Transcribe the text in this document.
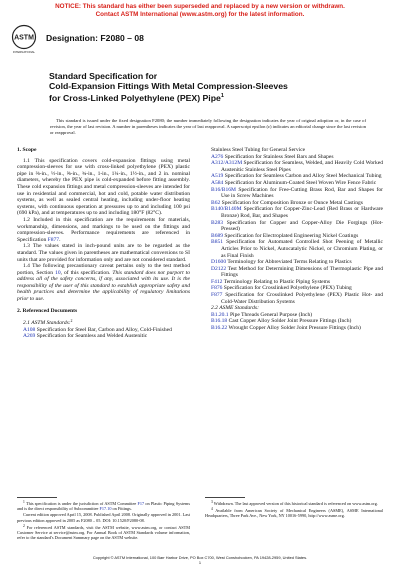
NOTICE: This standard has either been superseded and replaced by a new version or withdrawn.
Contact ASTM International (www.astm.org) for the latest information.
ASTM
INTERNATIONAL
Designation: F2080 – 08
Standard Specification for
Cold-Expansion Fittings With Metal Compression-Sleeves
for Cross-Linked Polyethylene (PEX) Pipe$^1$
This standard is issued under the fixed designation F2080; the number immediately following the designation indicates the year of original adoption or, in the case of revision, the year of last revision. A number in parentheses indicates the year of last reapproval. A superscript epsilon (ε) indicates an editorial change since the last revision or reapproval.
1. Scope

1.1 This specification covers cold-expansion fittings using metal compression-sleeves for use with cross-linked polyethylene (PEX) plastic pipe in ⅜-in., ½-in., ⅝-in., ¾-in., 1-in., 1¼-in., 1½-in., and 2 in. nominal diameters, whereby the PEX pipe is cold-expanded before fitting assembly. These cold expansion fittings and metal compression-sleeves are intended for use in residential and commercial, hot and cold, potable water distribution systems, as well as sealed central heating, including under-floor heating systems, with continuous operation at pressures up to and including 100 psi (690 kPa), and at temperatures up to and including 180°F (82°C).

1.2 Included in this specification are the requirements for materials, workmanship, dimensions, and markings to be used on the fittings and compression-sleeves. Performance requirements are referenced in Specification F877.

1.3 The values stated in inch-pound units are to be regarded as the standard. The values given in parentheses are mathematical conversions to SI units that are provided for information only and are not considered standard.

1.4 The following precautionary caveat pertains only to the test method portion, Section 10, of this specification. This standard does not purport to address all of the safety concerns, if any, associated with its use. It is the responsibility of the user of this standard to establish appropriate safety and health practices and determine the applicability of regulatory limitations prior to use.

2. Referenced Documents

2.1 ASTM Standards:$^2$

A108 Specification for Steel Bar, Carbon and Alloy, Cold-Finished

A269 Specification for Seamless and Welded Austenitic

Stainless Steel Tubing for General Service

A276 Specification for Stainless Steel Bars and Shapes

A312/A312M Specification for Seamless, Welded, and Heavily Cold Worked Austenitic Stainless Steel Pipes

A519 Specification for Seamless Carbon and Alloy Steel Mechanical Tubing

A584 Specification for Aluminum-Coated Steel Woven Wire Fence Fabric

B16/B16M Specification for Free-Cutting Brass Rod, Bar and Shapes for Use in Screw Machines

B62 Specification for Composition Bronze or Ounce Metal Castings

B140/B140M Specification for Copper-Zinc-Lead (Red Brass or Hardware Bronze) Rod, Bar, and Shapes

B283 Specification for Copper and Copper-Alloy Die Forgings (Hot-Pressed)

B689 Specification for Electroplated Engineering Nickel Coatings

B851 Specification for Automated Controlled Shot Peening of Metallic Articles Prior to Nickel, Autocatalytic Nickel, or Chromium Plating, or as Final Finish

D1600 Terminology for Abbreviated Terms Relating to Plastics

D2122 Test Method for Determining Dimensions of Thermoplastic Pipe and Fittings

F412 Terminology Relating to Plastic Piping Systems

F876 Specification for Crosslinked Polyethylene (PEX) Tubing

F877 Specification for Crosslinked Polyethylene (PEX) Plastic Hot- and Cold-Water Distribution Systems

2.2 ASME Standards:

B1.20.1 Pipe Threads General Purpose (Inch)

B16.18 Cast Copper Alloy Solder Joint Pressure Fittings (Inch)

B16.22 Wrought Copper Alloy Solder Joint Pressure Fittings (Inch)

$^1$ This specification is under the jurisdiction of ASTM Committee F17 on Plastic Piping Systems and is the direct responsibility of Subcommittee F17.10 on Fittings.

Current edition approved April 15, 2008. Published April 2008. Originally approved in 2001. Last previous edition approved in 2005 as F2080 – 05. DOI: 10.1520/F2080-08.

$^2$ For referenced ASTM standards, visit the ASTM website, www.astm.org, or contact ASTM Customer Service at service@astm.org. For Annual Book of ASTM Standards volume information, refer to the standard's Document Summary page on the ASTM website.

$^3$ Withdrawn. The last approved version of this historical standard is referenced on www.astm.org.

$^4$ Available from American Society of Mechanical Engineers (ASME), ASME International Headquarters, Three Park Ave., New York, NY 10016-5990, http://www.asme.org.

Copyright © ASTM International, 100 Barr Harbor Drive, PO Box C700, West Conshohocken, PA 19428-2959, United States.
1
